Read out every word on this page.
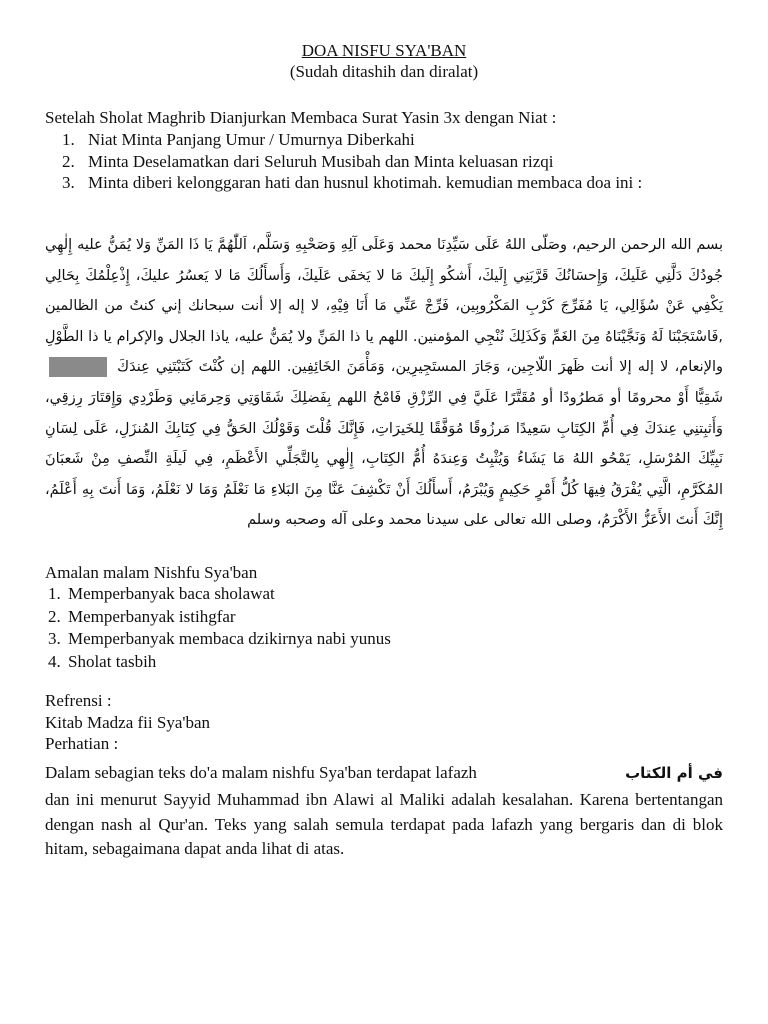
DOA NISFU SYA'BAN
(Sudah ditashih dan diralat)
Setelah Sholat Maghrib Dianjurkan Membaca Surat Yasin 3x dengan Niat :
1. Niat Minta Panjang Umur / Umurnya Diberkahi
2. Minta Deselamatkan dari Seluruh Musibah dan Minta keluasan rizqi
3. Minta diberi kelonggaran hati dan husnul khotimah. kemudian membaca doa ini :
بسم الله الرحمن الرحيم، وصَلّى اللهُ عَلَى سَيِّدِنَا محمد وَعَلَى آلِهِ وَصَحْبِهِ وَسَلَّم، اَللّٰهُمَّ يَا ذَا المَنِّ وَلا يُمَنُّ عليه إِلٰهِي جُودُكَ دَلَّنِي عَلَيكَ، وَإِحسَانُكَ قَرَّبَنِي إِلَيكَ، أَشكُو إِلَيكَ مَا لا يَخفَى عَلَيكَ، وَأَسأَلُكَ مَا لا يَعسُرُ عليكَ، إِذْعِلْمُكَ بِحَالِي يَكْفِي عَنْ سُؤَالِي، يَا مُفَرِّجَ كَرْبِ المَكْرُوبِين، فَرِّجْ عَنِّي مَا أَنَا فِيْهِ، لا إله إلا أنت سبحانك إني كنتُ من الظالمين ,فَاسْتَجَبْنَا لَهُ وَنَجَّيْنَاهُ مِنَ الغَمِّ وَكَذَلِكَ نُنْجِي المؤمنين. اللهم يا ذا المَنِّ ولا يُمَنُّ عليه، ياذا الجلال والإكرام يا ذا الطَّوْلِ والإنعام، لا إله إلا أنت ظَهرَ اللّاجِين، وَجَارَ المستَجِيرِين، وَمَأْمَنَ الخَائِفِين. اللهم إن كُنْتَ كَتَبْتَنِي عِندَكَ  شَقِيًّا أَوْ محرومًا أو مَطرُودًا أو مُقَتَّرًا عَلَيَّ فِي الرِّزْقِ فَامْحُ اللهم بِفَضلِكَ شَقَاوَتِي وَحِرمَانِي وَطَرْدِي وَإِقتَارَ رِزقِي، وَأَثبِتنِي عِندَكَ فِي أُمِّ الكِتَابِ سَعِيدًا مَرزُوقًا مُوَفَّقًا لِلخَيرَاتِ، فَإِنَّكَ قُلْتَ وَقَوْلُكَ الحَقُّ فِي كِتَابِكَ المُنزَلِ، عَلَى لِسَانِ نَبِيِّكَ المُرْسَلِ، يَمْحُو اللهُ مَا يَشَاءُ وَيُثْبِتُ وَعِندَهُ أُمُّ الكِتَابِ، إِلٰهِي بِالتَّجَلِّي الأَعْظَمِ، فِي لَيلَةِ النِّصفِ مِنْ شَعبَانَ المُكَرَّمِ، الَّتِي يُفْرَقُ فِيهَا كُلُّ أَمْرٍ حَكِيمٍ وَيُبْرَمُ، أَسأَلُكَ أَنْ تَكْشِفَ عَنَّا مِنَ البَلاءِ مَا نَعْلَمُ وَمَا لا نَعْلَمُ، وَمَا أَنتَ بِهِ أَعْلَمُ، إِنَّكَ أَنتَ الأَعَزُّ الأَكْرَمُ، وصلى الله تعالى على سيدنا محمد وعلى آله وصحبه وسلم
Amalan malam Nishfu Sya'ban
1. Memperbanyak baca sholawat
2. Memperbanyak istihgfar
3. Memperbanyak membaca dzikirnya nabi yunus
4. Sholat tasbih
Refrensi :
Kitab Madza fii Sya'ban
Perhatian :
Dalam sebagian teks do'a malam nishfu Sya'ban terdapat lafazh	في أم الكتاب
dan ini menurut Sayyid Muhammad ibn Alawi al Maliki adalah kesalahan. Karena bertentangan dengan nash al Qur'an. Teks yang salah semula terdapat pada lafazh yang bergaris dan di blok hitam, sebagaimana dapat anda lihat di atas.
